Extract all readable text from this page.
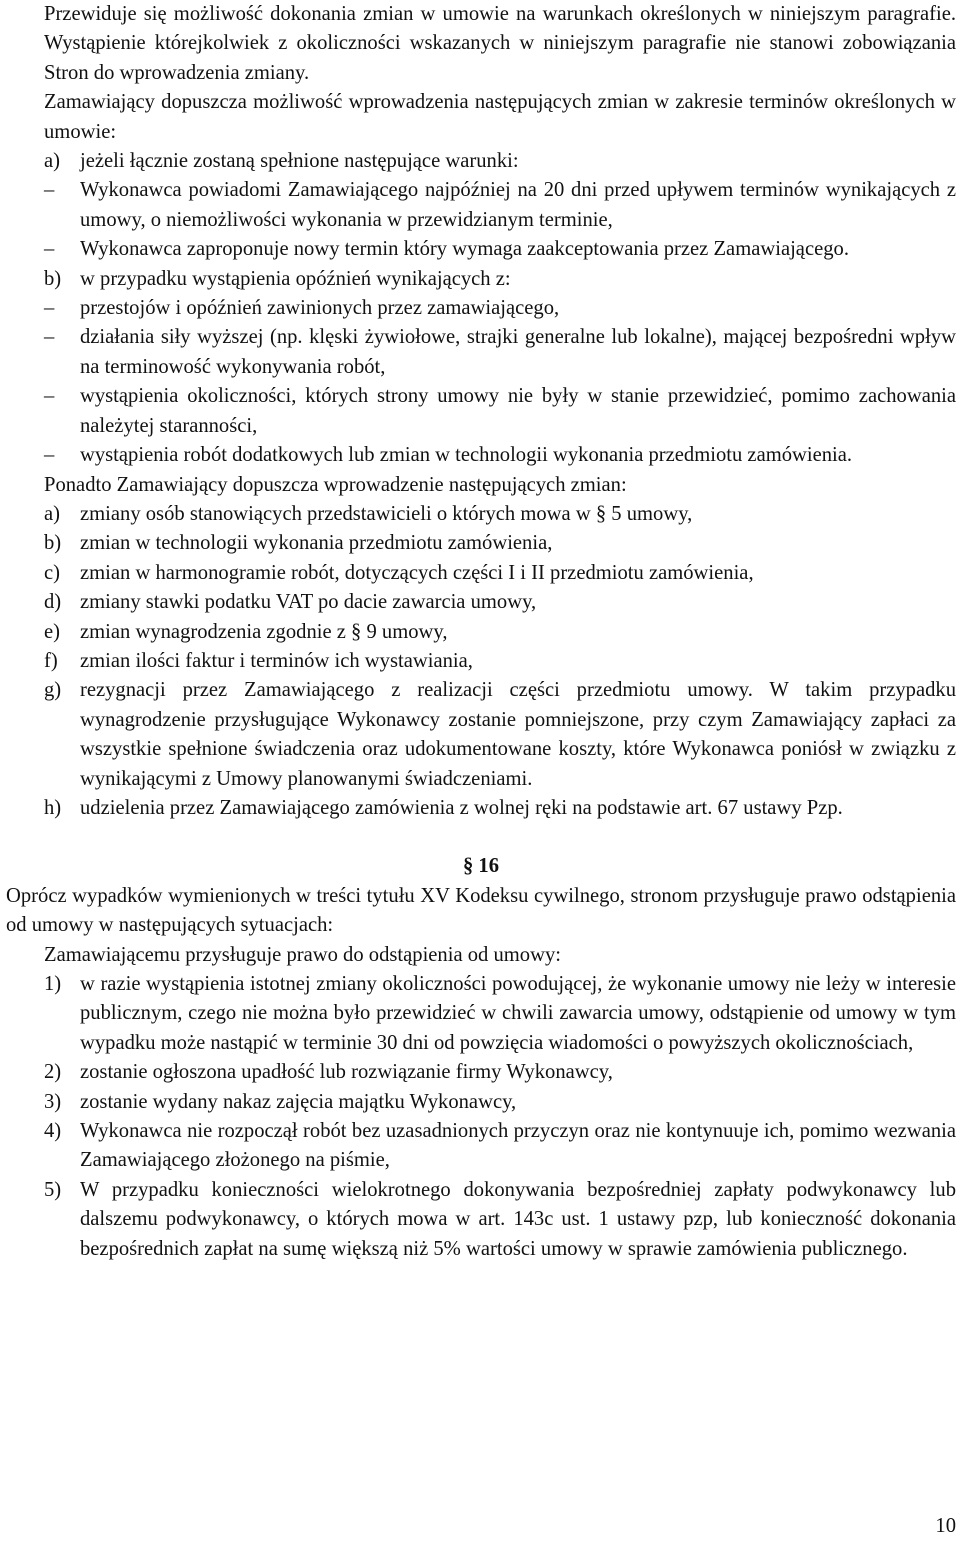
Przewiduje się możliwość dokonania zmian w umowie na warunkach określonych w niniejszym paragrafie. Wystąpienie którejkolwiek z okoliczności wskazanych w niniejszym paragrafie nie stanowi zobowiązania Stron do wprowadzenia zmiany.
Zamawiający dopuszcza możliwość wprowadzenia następujących zmian w zakresie terminów określonych w umowie:
a) jeżeli łącznie zostaną spełnione następujące warunki:
– Wykonawca powiadomi Zamawiającego najpóźniej na 20 dni przed upływem terminów wynikających z umowy, o niemożliwości wykonania w przewidzianym terminie,
– Wykonawca zaproponuje nowy termin który wymaga zaakceptowania przez Zamawiającego.
b) w przypadku wystąpienia opóźnień wynikających z:
– przestojów i opóźnień zawinionych przez zamawiającego,
– działania siły wyższej (np. klęski żywiołowe, strajki generalne lub lokalne), mającej bezpośredni wpływ na terminowość wykonywania robót,
– wystąpienia okoliczności, których strony umowy nie były w stanie przewidzieć, pomimo zachowania należytej staranności,
– wystąpienia robót dodatkowych lub zmian w technologii wykonania przedmiotu zamówienia.
Ponadto Zamawiający dopuszcza wprowadzenie następujących zmian:
a) zmiany osób stanowiących przedstawicieli o których mowa w § 5 umowy,
b) zmian w technologii wykonania przedmiotu zamówienia,
c) zmian w harmonogramie robót, dotyczących części I i II przedmiotu zamówienia,
d) zmiany stawki podatku VAT po dacie zawarcia umowy,
e) zmian wynagrodzenia zgodnie z § 9 umowy,
f) zmian ilości faktur i terminów ich wystawiania,
g) rezygnacji przez Zamawiającego z realizacji części przedmiotu umowy. W takim przypadku wynagrodzenie przysługujące Wykonawcy zostanie pomniejszone, przy czym Zamawiający zapłaci za wszystkie spełnione świadczenia oraz udokumentowane koszty, które Wykonawca poniósł w związku z wynikającymi z Umowy planowanymi świadczeniami.
h) udzielenia przez Zamawiającego zamówienia z wolnej ręki na podstawie art. 67 ustawy Pzp.
§ 16
Oprócz wypadków wymienionych w treści tytułu XV Kodeksu cywilnego, stronom przysługuje prawo odstąpienia od umowy w następujących sytuacjach:
Zamawiającemu przysługuje prawo do odstąpienia od umowy:
1) w razie wystąpienia istotnej zmiany okoliczności powodującej, że wykonanie umowy nie leży w interesie publicznym, czego nie można było przewidzieć w chwili zawarcia umowy, odstąpienie od umowy w tym wypadku może nastąpić w terminie 30 dni od powzięcia wiadomości o powyższych okolicznościach,
2) zostanie ogłoszona upadłość lub rozwiązanie firmy Wykonawcy,
3) zostanie wydany nakaz zajęcia majątku Wykonawcy,
4) Wykonawca nie rozpoczął robót bez uzasadnionych przyczyn oraz nie kontynuuje ich, pomimo wezwania Zamawiającego złożonego na piśmie,
5) W przypadku konieczności wielokrotnego dokonywania bezpośredniej zapłaty podwykonawcy lub dalszemu podwykonawcy, o których mowa w art. 143c ust. 1 ustawy pzp, lub konieczność dokonania bezpośrednich zapłat na sumę większą niż 5% wartości umowy w sprawie zamówienia publicznego.
10
